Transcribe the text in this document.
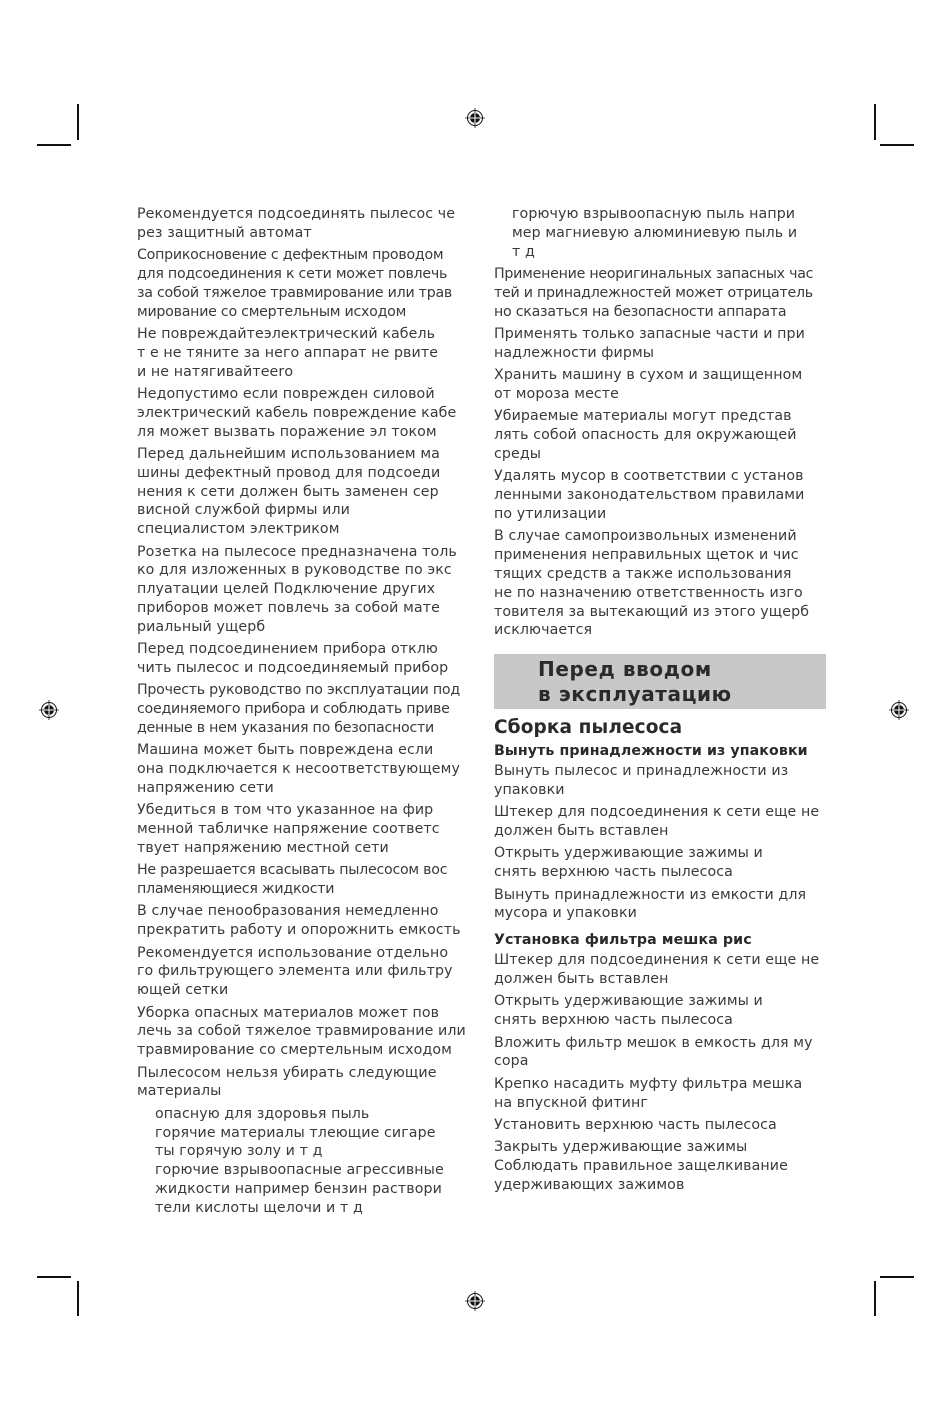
Рекомендуется подсоединять пылесос че
рез защитный автомат

Соприкосновение с дефектным проводом
для подсоединения к сети может повлечь
за собой тяжелое травмирование или трав
мирование со смертельным исходом

Не повреждайтеэлектрический кабель
т е не тяните за него аппарат не рвите
и не натягивайтееrо

Недопустимо если поврежден силовой
электрический кабель повреждение кабе
ля может вызвать поражение эл током

Перед дальнейшим использованием ма
шины дефектный провод для подсоеди
нения к сети должен быть заменен сер
висной службой фирмы или
специалистом электриком

Розетка на пылесосе предназначена толь
ко для изложенных в руководстве по экс
плуатации целей Подключение других
приборов может повлечь за собой мате
риальный ущерб

Перед подсоединением прибора отклю
чить пылесос и подсоединяемый прибор

Прочесть руководство по эксплуатации под
соединяемого прибора и соблюдать приве
денные в нем указания по безопасности

Машина может быть повреждена если
она подключается к несоответствующему
напряжению сети

Убедиться в том что указанное на фир
менной табличке напряжение соответс
твует напряжению местной сети

Не разрешается всасывать пылесосом вос
пламеняющиеся жидкости

В случае пенообразования немедленно
прекратить работу и опорожнить емкость

Рекомендуется использование отдельно
го фильтрующего элемента или фильтру
ющей сетки

Уборка опасных материалов может пов
лечь за собой тяжелое травмирование или
травмирование со смертельным исходом

Пылесосом нельзя убирать следующие
материалы

опасную для здоровья пыль

горячие материалы тлеющие сигаре
ты горячую золу и т д

горючие взрывоопасные агрессивные
жидкости например бензин раствори
тели кислоты щелочи и т д

горючую взрывоопасную пыль напри
мер магниевую алюминиевую пыль и
т д

Применение неоригинальных запасных час
тей и принадлежностей может отрицатель
но сказаться на безопасности аппарата

Применять только запасные части и при
надлежности фирмы

Хранить машину в сухом и защищенном
от мороза месте

Убираемые материалы могут представ
лять собой опасность для окружающей
среды

Удалять мусор в соответствии с установ
ленными законодательством правилами
по утилизации

В случае самопроизвольных изменений
применения неправильных щеток и чис
тящих средств а также использования
не по назначению ответственность изго
товителя за вытекающий из этого ущерб
исключается

Перед вводом
в эксплуатацию
Сборка пылесоса
Вынуть принадлежности из упаковки

Вынуть пылесос и принадлежности из
упаковки

Штекер для подсоединения к сети еще не
должен быть вставлен

Открыть удерживающие зажимы и
снять верхнюю часть пылесоса

Вынуть принадлежности из емкости для
мусора и упаковки

Установка фильтра мешка рис

Штекер для подсоединения к сети еще не
должен быть вставлен

Открыть удерживающие зажимы и
снять верхнюю часть пылесоса

Вложить фильтр мешок в емкость для му
сора

Крепко насадить муфту фильтра мешка
на впускной фитинг

Установить верхнюю часть пылесоса

Закрыть удерживающие зажимы
Соблюдать правильное защелкивание
удерживающих зажимов
